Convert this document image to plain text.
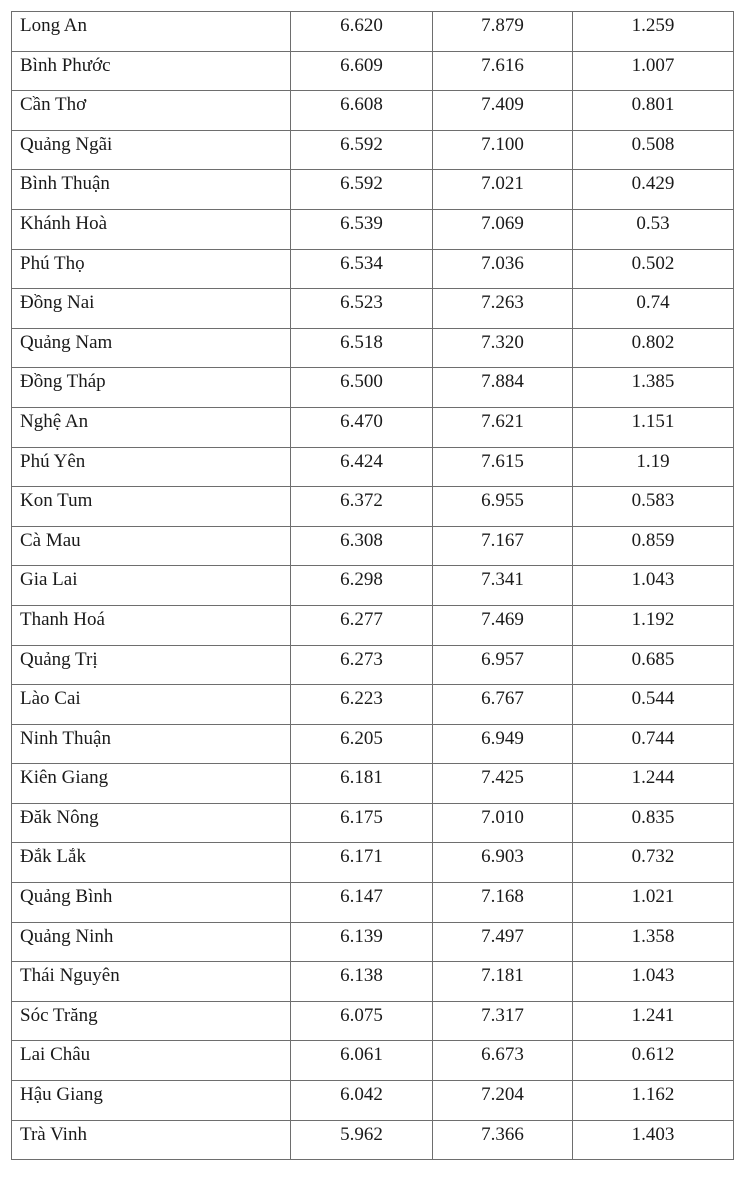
Long An	6.620	7.879	1.259
Bình Phước	6.609	7.616	1.007
Cần Thơ	6.608	7.409	0.801
Quảng Ngãi	6.592	7.100	0.508
Bình Thuận	6.592	7.021	0.429
Khánh Hoà	6.539	7.069	0.53
Phú Thọ	6.534	7.036	0.502
Đồng Nai	6.523	7.263	0.74
Quảng Nam	6.518	7.320	0.802
Đồng Tháp	6.500	7.884	1.385
Nghệ An	6.470	7.621	1.151
Phú Yên	6.424	7.615	1.19
Kon Tum	6.372	6.955	0.583
Cà Mau	6.308	7.167	0.859
Gia Lai	6.298	7.341	1.043
Thanh Hoá	6.277	7.469	1.192
Quảng Trị	6.273	6.957	0.685
Lào Cai	6.223	6.767	0.544
Ninh Thuận	6.205	6.949	0.744
Kiên Giang	6.181	7.425	1.244
Đăk Nông	6.175	7.010	0.835
Đắk Lắk	6.171	6.903	0.732
Quảng Bình	6.147	7.168	1.021
Quảng Ninh	6.139	7.497	1.358
Thái Nguyên	6.138	7.181	1.043
Sóc Trăng	6.075	7.317	1.241
Lai Châu	6.061	6.673	0.612
Hậu Giang	6.042	7.204	1.162
Trà Vinh	5.962	7.366	1.403
